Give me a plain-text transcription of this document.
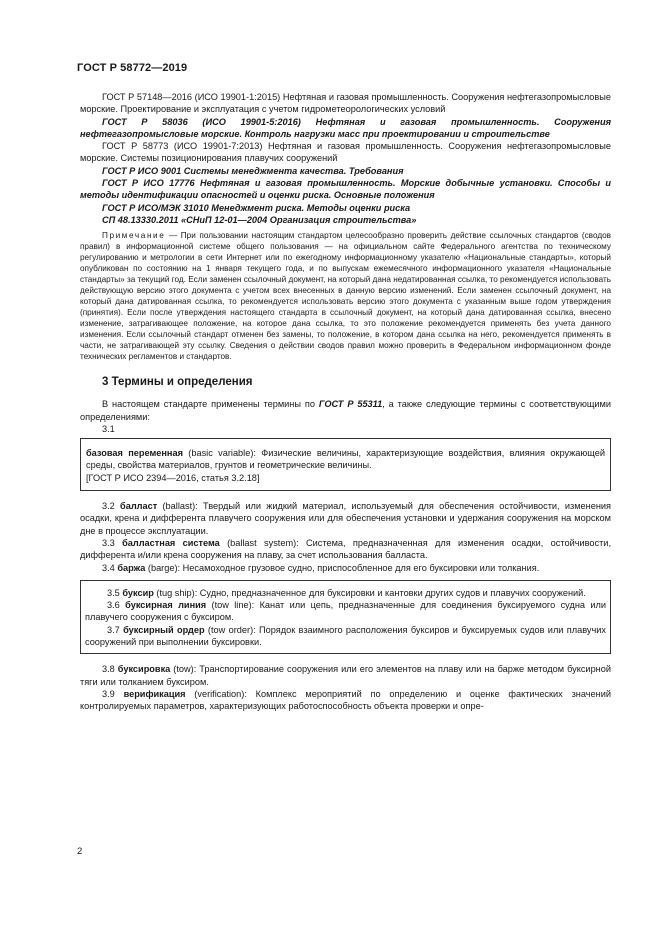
ГОСТ Р 58772—2019

ГОСТ Р 57148—2016 (ИСО 19901-1:2015) Нефтяная и газовая промышленность. Сооружения нефтегазопромысловые морские. Проектирование и эксплуатация с учетом гидрометеорологических условий

ГОСТ Р 58036 (ИСО 19901-5:2016) Нефтяная и газовая промышленность. Сооружения нефтегазопромысловые морские. Контроль нагрузки масс при проектировании и строительстве

ГОСТ Р 58773 (ИСО 19901-7:2013) Нефтяная и газовая промышленность. Сооружения нефтегазопромысловые морские. Системы позиционирования плавучих сооружений

ГОСТ Р ИСО 9001 Системы менеджмента качества. Требования

ГОСТ Р ИСО 17776 Нефтяная и газовая промышленность. Морские добычные установки. Способы и методы идентификации опасностей и оценки риска. Основные положения

ГОСТ Р ИСО/МЭК 31010 Менеджмент риска. Методы оценки риска

СП 48.13330.2011 «СНиП 12-01—2004 Организация строительства»

Примечание — При пользовании настоящим стандартом целесообразно проверить действие ссылочных стандартов (сводов правил) в информационной системе общего пользования — на официальном сайте Федерального агентства по техническому регулированию и метрологии в сети Интернет или по ежегодному информационному указателю «Национальные стандарты», который опубликован по состоянию на 1 января текущего года, и по выпускам ежемесячного информационного указателя «Национальные стандарты» за текущий год. Если заменен ссылочный документ, на который дана недатированная ссылка, то рекомендуется использовать действующую версию этого документа с учетом всех внесенных в данную версию изменений. Если заменен ссылочный документ, на который дана датированная ссылка, то рекомендуется использовать версию этого документа с указанным выше годом утверждения (принятия). Если после утверждения настоящего стандарта в ссылочный документ, на который дана датированная ссылка, внесено изменение, затрагивающее положение, на которое дана ссылка, то это положение рекомендуется применять без учета данного изменения. Если ссылочный стандарт отменен без замены, то положение, в котором дана ссылка на него, рекомендуется применять в части, не затрагивающей эту ссылку. Сведения о действии сводов правил можно проверить в Федеральном информационном фонде технических регламентов и стандартов.

3 Термины и определения

В настоящем стандарте применены термины по ГОСТ Р 55311, а также следующие термины с соответствующими определениями:

3.1

базовая переменная (basic variable): Физические величины, характеризующие воздействия, влияния окружающей среды, свойства материалов, грунтов и геометрические величины.

[ГОСТ Р ИСО 2394—2016, статья 3.2.18]

3.2 балласт (ballast): Твердый или жидкий материал, используемый для обеспечения остойчивости, изменения осадки, крена и дифферента плавучего сооружения или для обеспечения установки и удержания сооружения на морском дне в процессе эксплуатации.

3.3 балластная система (ballast system): Система, предназначенная для изменения осадки, остойчивости, дифферента и/или крена сооружения на плаву, за счет использования балласта.

3.4 баржа (barge): Несамоходное грузовое судно, приспособленное для его буксировки или толкания.

3.5 буксир (tug ship): Судно, предназначенное для буксировки и кантовки других судов и плавучих сооружений.

3.6 буксирная линия (tow line): Канат или цепь, предназначенные для соединения буксируемого судна или плавучего сооружения с буксиром.

3.7 буксирный ордер (tow order): Порядок взаимного расположения буксиров и буксируемых судов или плавучих сооружений при выполнении буксировки.

3.8 буксировка (tow): Транспортирование сооружения или его элементов на плаву или на барже методом буксирной тяги или толканием буксиром.

3.9 верификация (verification): Комплекс мероприятий по определению и оценке фактических значений контролируемых параметров, характеризующих работоспособность объекта проверки и опре-

2
